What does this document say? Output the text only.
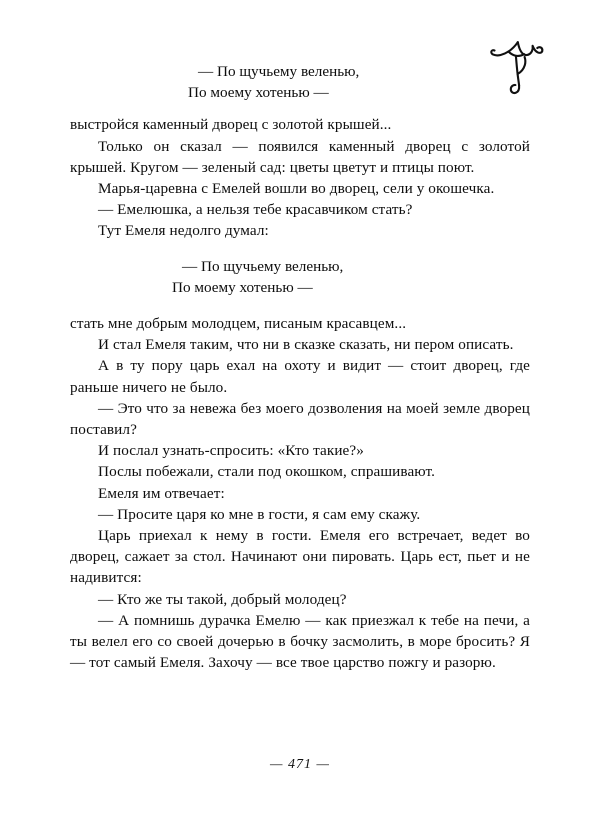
— По щучьему веленью,

По моему хотенью —

выстройся каменный дворец с золотой крышей...

Только он сказал — появился каменный дворец с золотой крышей. Кругом — зеленый сад: цветы цветут и птицы поют.

Марья-царевна с Емелей вошли во дворец, сели у окошечка.

— Емелюшка, а нельзя тебе красавчиком стать?

Тут Емеля недолго думал:

— По щучьему веленью,

По моему хотенью —

стать мне добрым молодцем, писаным красавцем...

И стал Емеля таким, что ни в сказке сказать, ни пером описать.

А в ту пору царь ехал на охоту и видит — стоит дворец, где раньше ничего не было.

— Это что за невежа без моего дозволения на моей земле дворец поставил?

И послал узнать-спросить: «Кто такие?»

Послы побежали, стали под окошком, спрашивают.

Емеля им отвечает:

— Просите царя ко мне в гости, я сам ему скажу.

Царь приехал к нему в гости. Емеля его встречает, ведет во дворец, сажает за стол. Начинают они пировать. Царь ест, пьет и не надивится:

— Кто же ты такой, добрый молодец?

— А помнишь дурачка Емелю — как приезжал к тебе на печи, а ты велел его со своей дочерью в бочку засмолить, в море бросить? Я — тот самый Емеля. Захочу — все твое царство пожгу и разорю.

— 471 —
